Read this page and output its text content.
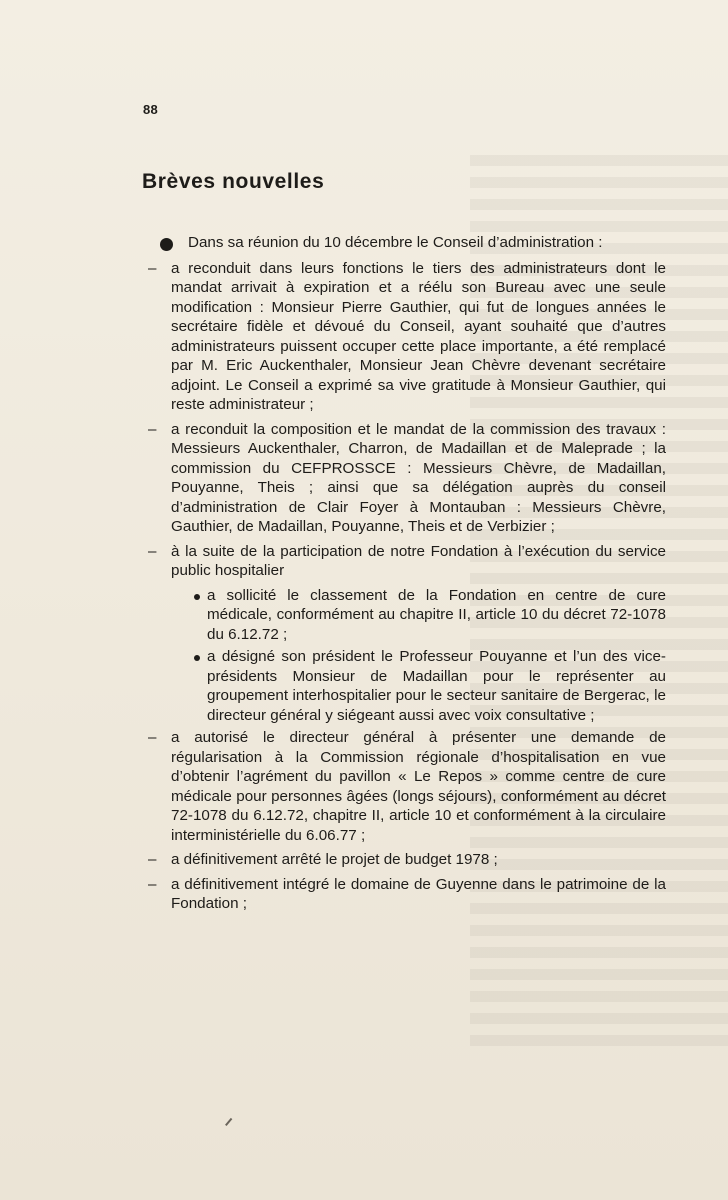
88
Brèves nouvelles

Dans sa réunion du 10 décembre le Conseil d’administration :

– a reconduit dans leurs fonctions le tiers des administrateurs dont le mandat arrivait à expiration et a réélu son Bureau avec une seule modification : Monsieur Pierre Gauthier, qui fut de longues années le secrétaire fidèle et dévoué du Conseil, ayant souhaité que d’autres administrateurs puissent occuper cette place importante, a été remplacé par M. Eric Auckenthaler, Monsieur Jean Chèvre devenant secrétaire adjoint. Le Conseil a exprimé sa vive gratitude à Monsieur Gauthier, qui reste administrateur ;
– a reconduit la composition et le mandat de la commission des travaux : Messieurs Auckenthaler, Charron, de Madaillan et de Maleprade ; la commission du CEFPROSSCE : Messieurs Chèvre, de Madaillan, Pouyanne, Theis ; ainsi que sa délégation auprès du conseil d’administration de Clair Foyer à Montauban : Messieurs Chèvre, Gauthier, de Madaillan, Pouyanne, Theis et de Verbizier ;
– à la suite de la participation de notre Fondation à l’exécution du service public hospitalier
a sollicité le classement de la Fondation en centre de cure médicale, conformément au chapitre II, article 10 du décret 72-1078 du 6.12.72 ;
a désigné son président le Professeur Pouyanne et l’un des vice-présidents Monsieur de Madaillan pour le représenter au groupement interhospitalier pour le secteur sanitaire de Bergerac, le directeur général y siégeant aussi avec voix consultative ;
– a autorisé le directeur général à présenter une demande de régularisation à la Commission régionale d’hospitalisation en vue d’obtenir l’agrément du pavillon « Le Repos » comme centre de cure médicale pour personnes âgées (longs séjours), conformément au décret 72-1078 du 6.12.72, chapitre II, article 10 et conformément à la circulaire interministérielle du 6.06.77 ;
– a définitivement arrêté le projet de budget 1978 ;
– a définitivement intégré le domaine de Guyenne dans le patrimoine de la Fondation ;
